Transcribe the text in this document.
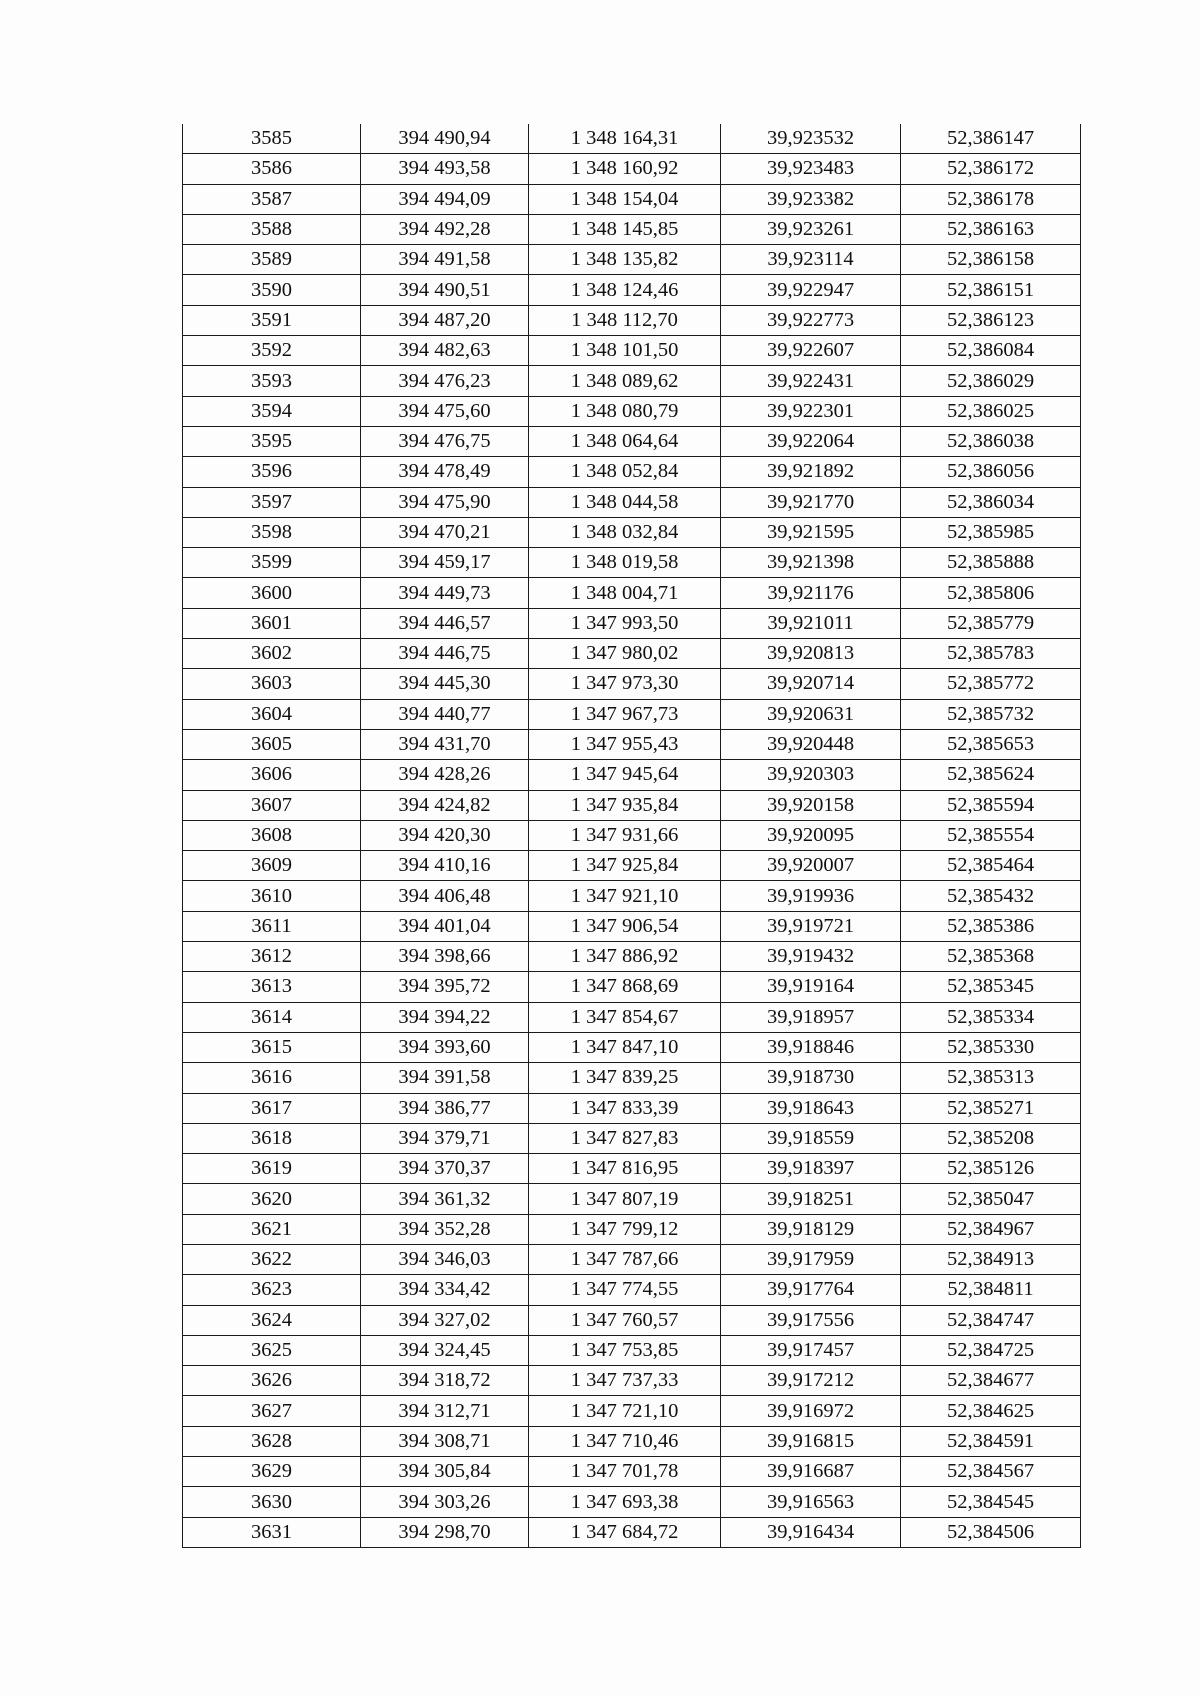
3585	394 490,94	1 348 164,31	39,923532	52,386147
3586	394 493,58	1 348 160,92	39,923483	52,386172
3587	394 494,09	1 348 154,04	39,923382	52,386178
3588	394 492,28	1 348 145,85	39,923261	52,386163
3589	394 491,58	1 348 135,82	39,923114	52,386158
3590	394 490,51	1 348 124,46	39,922947	52,386151
3591	394 487,20	1 348 112,70	39,922773	52,386123
3592	394 482,63	1 348 101,50	39,922607	52,386084
3593	394 476,23	1 348 089,62	39,922431	52,386029
3594	394 475,60	1 348 080,79	39,922301	52,386025
3595	394 476,75	1 348 064,64	39,922064	52,386038
3596	394 478,49	1 348 052,84	39,921892	52,386056
3597	394 475,90	1 348 044,58	39,921770	52,386034
3598	394 470,21	1 348 032,84	39,921595	52,385985
3599	394 459,17	1 348 019,58	39,921398	52,385888
3600	394 449,73	1 348 004,71	39,921176	52,385806
3601	394 446,57	1 347 993,50	39,921011	52,385779
3602	394 446,75	1 347 980,02	39,920813	52,385783
3603	394 445,30	1 347 973,30	39,920714	52,385772
3604	394 440,77	1 347 967,73	39,920631	52,385732
3605	394 431,70	1 347 955,43	39,920448	52,385653
3606	394 428,26	1 347 945,64	39,920303	52,385624
3607	394 424,82	1 347 935,84	39,920158	52,385594
3608	394 420,30	1 347 931,66	39,920095	52,385554
3609	394 410,16	1 347 925,84	39,920007	52,385464
3610	394 406,48	1 347 921,10	39,919936	52,385432
3611	394 401,04	1 347 906,54	39,919721	52,385386
3612	394 398,66	1 347 886,92	39,919432	52,385368
3613	394 395,72	1 347 868,69	39,919164	52,385345
3614	394 394,22	1 347 854,67	39,918957	52,385334
3615	394 393,60	1 347 847,10	39,918846	52,385330
3616	394 391,58	1 347 839,25	39,918730	52,385313
3617	394 386,77	1 347 833,39	39,918643	52,385271
3618	394 379,71	1 347 827,83	39,918559	52,385208
3619	394 370,37	1 347 816,95	39,918397	52,385126
3620	394 361,32	1 347 807,19	39,918251	52,385047
3621	394 352,28	1 347 799,12	39,918129	52,384967
3622	394 346,03	1 347 787,66	39,917959	52,384913
3623	394 334,42	1 347 774,55	39,917764	52,384811
3624	394 327,02	1 347 760,57	39,917556	52,384747
3625	394 324,45	1 347 753,85	39,917457	52,384725
3626	394 318,72	1 347 737,33	39,917212	52,384677
3627	394 312,71	1 347 721,10	39,916972	52,384625
3628	394 308,71	1 347 710,46	39,916815	52,384591
3629	394 305,84	1 347 701,78	39,916687	52,384567
3630	394 303,26	1 347 693,38	39,916563	52,384545
3631	394 298,70	1 347 684,72	39,916434	52,384506
